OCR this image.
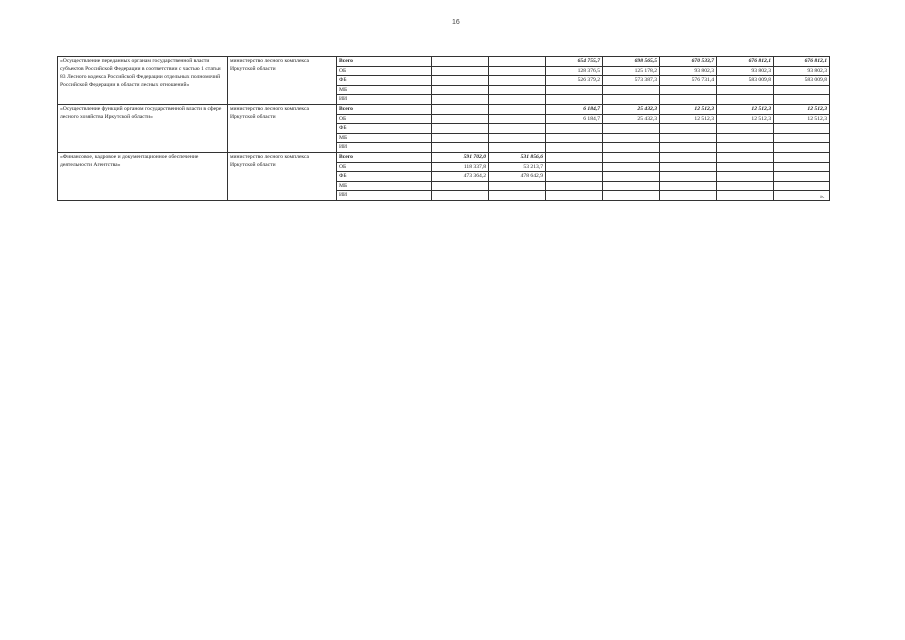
16
«Осуществление переданных органам государственной власти субъектов Российской Федерации в соответствии с частью 1 статьи 83 Лесного кодекса Российской Федерации отдельных полномочий Российской Федерации в области лесных отношений»	министерство лесного комплекса Иркутской области	Всего			654 755,7	698 565,5	670 533,7	676 812,1	676 812,1
		ОБ			128 376,5	125 178,2	93 802,3	93 802,3	93 802,3
		ФБ			526 379,2	573 387,3	576 731,4	583 009,8	583 009,8
		МБ							
		ИИ							
«Осуществление функций органом государственной власти в сфере лесного хозяйства Иркутской области»	министерство лесного комплекса Иркутской области	Всего			6 184,7	25 432,3	12 512,3	12 512,3	12 512,3
		ОБ			6 184,7	25 432,3	12 512,3	12 512,3	12 512,3
		ФБ							
		МБ							
		ИИ							
«Финансовое, кадровое и документационное обеспечение деятельности Агентства»	министерство лесного комплекса Иркутской области	Всего	591 702,0	531 856,6					
		ОБ	118 337,8	53 213,7					
		ФБ	473 364,2	478 642,9					
		МБ							
		ИИ								».
